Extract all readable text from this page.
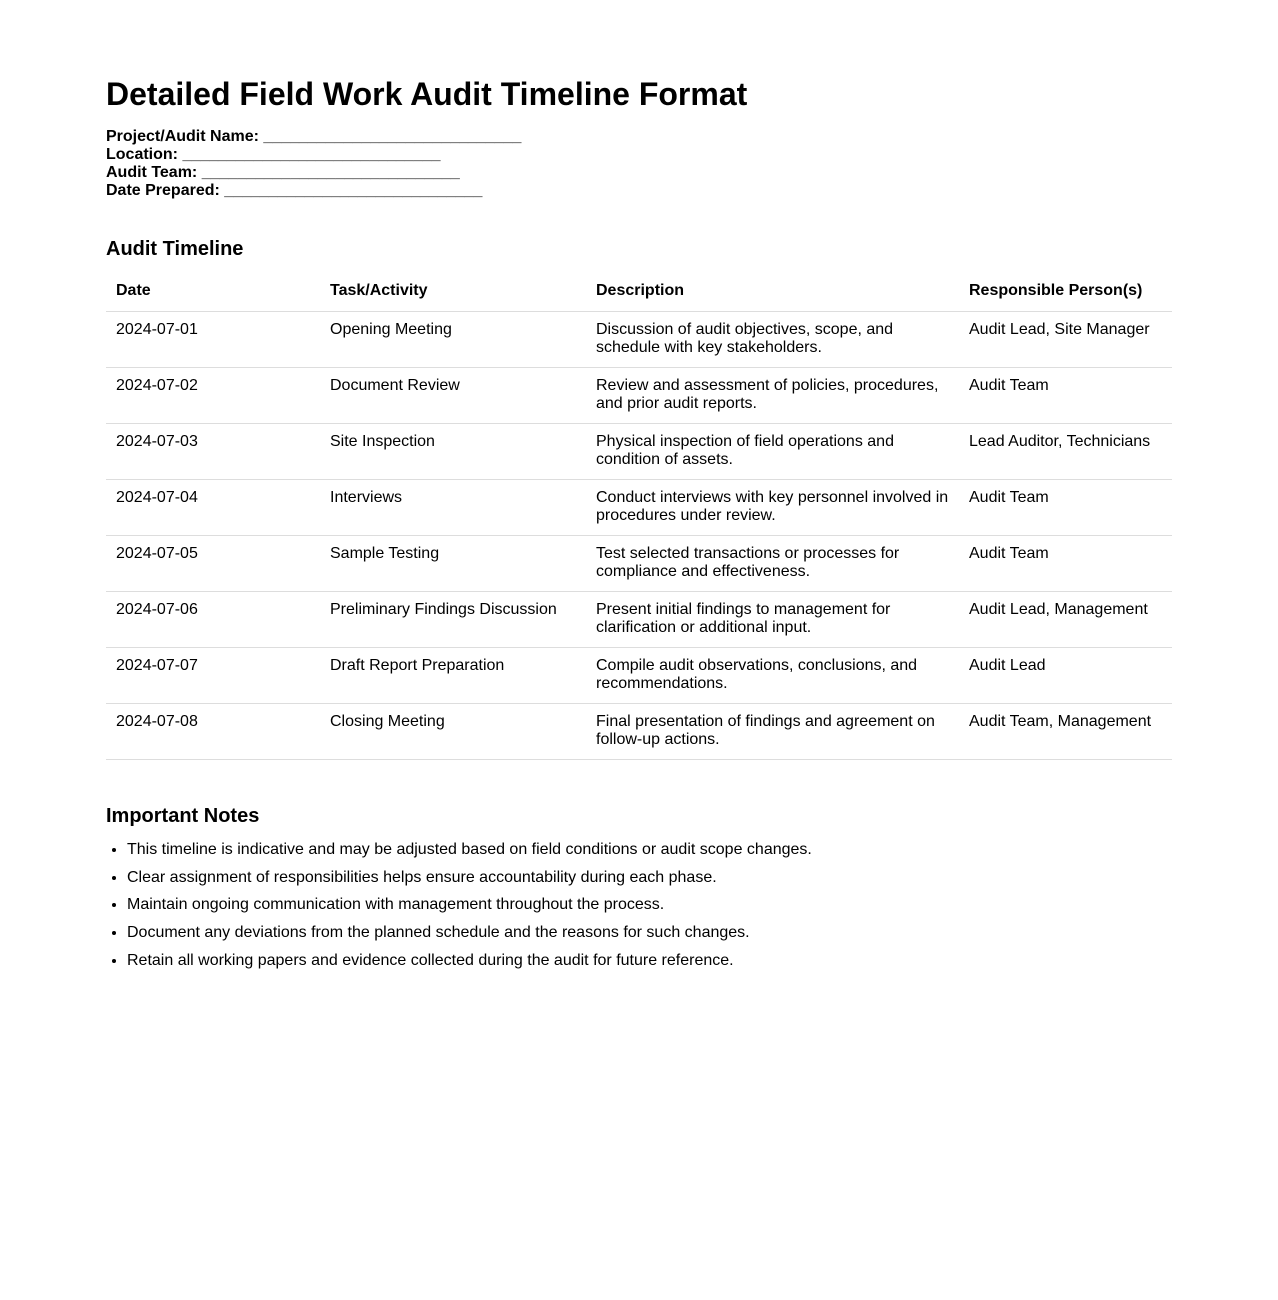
Detailed Field Work Audit Timeline Format
Project/Audit Name: _____________________________
Location: _____________________________
Audit Team: _____________________________
Date Prepared: _____________________________
Audit Timeline
Date	Task/Activity	Description	Responsible Person(s)
2024-07-01	Opening Meeting	Discussion of audit objectives, scope, and schedule with key stakeholders.	Audit Lead, Site Manager
2024-07-02	Document Review	Review and assessment of policies, procedures, and prior audit reports.	Audit Team
2024-07-03	Site Inspection	Physical inspection of field operations and condition of assets.	Lead Auditor, Technicians
2024-07-04	Interviews	Conduct interviews with key personnel involved in procedures under review.	Audit Team
2024-07-05	Sample Testing	Test selected transactions or processes for compliance and effectiveness.	Audit Team
2024-07-06	Preliminary Findings Discussion	Present initial findings to management for clarification or additional input.	Audit Lead, Management
2024-07-07	Draft Report Preparation	Compile audit observations, conclusions, and recommendations.	Audit Lead
2024-07-08	Closing Meeting	Final presentation of findings and agreement on follow-up actions.	Audit Team, Management
Important Notes
• This timeline is indicative and may be adjusted based on field conditions or audit scope changes.
• Clear assignment of responsibilities helps ensure accountability during each phase.
• Maintain ongoing communication with management throughout the process.
• Document any deviations from the planned schedule and the reasons for such changes.
• Retain all working papers and evidence collected during the audit for future reference.
